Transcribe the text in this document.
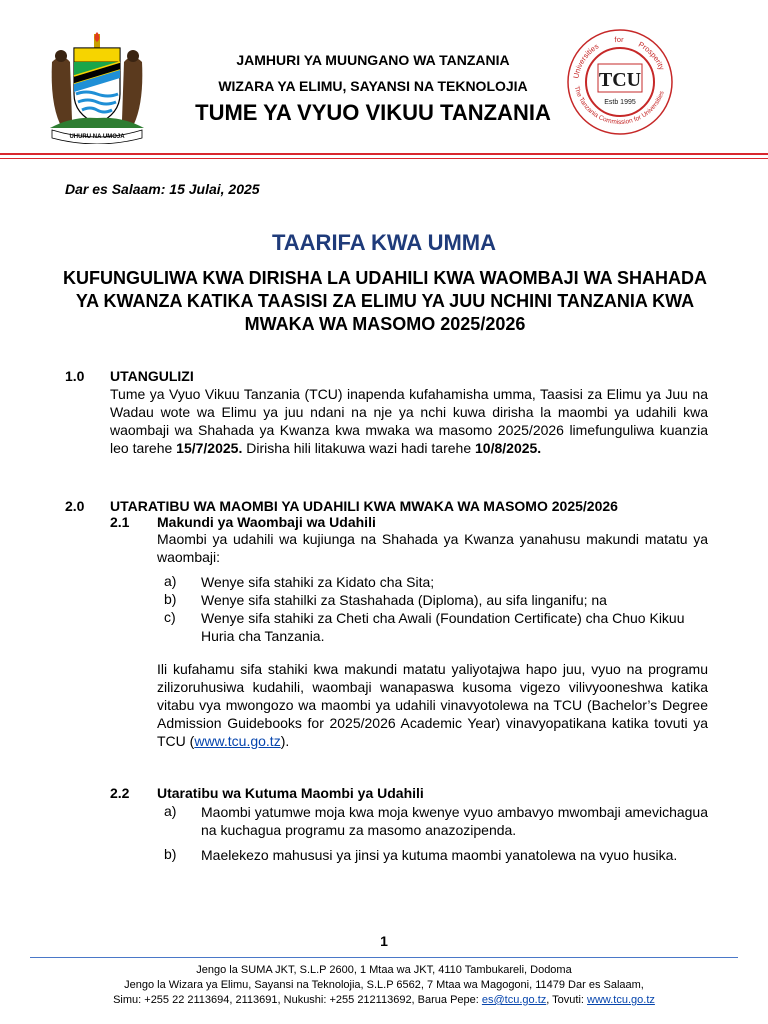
UHURU NA UMOJA
JAMHURI YA MUUNGANO WA TANZANIA
WIZARA YA ELIMU, SAYANSI NA TEKNOLOJIA
TUME YA VYUO VIKUU TANZANIA
Universities
for
Prosperity
The Tanzania Commission for Universities
TCU
Estb 1995
Dar es Salaam: 15 Julai, 2025
TAARIFA KWA UMMA
KUFUNGULIWA KWA DIRISHA LA UDAHILI KWA WAOMBAJI WA SHAHADA YA KWANZA KATIKA TAASISI ZA ELIMU YA JUU NCHINI TANZANIA KWA MWAKA WA MASOMO 2025/2026
1.0 UTANGULIZI
Tume ya Vyuo Vikuu Tanzania (TCU) inapenda kufahamisha umma, Taasisi za Elimu ya Juu na Wadau wote wa Elimu ya juu ndani na nje ya nchi kuwa dirisha la maombi ya udahili kwa waombaji wa Shahada ya Kwanza kwa mwaka wa masomo 2025/2026 limefunguliwa kuanzia leo tarehe 15/7/2025. Dirisha hili litakuwa wazi hadi tarehe 10/8/2025.
2.0 UTARATIBU WA MAOMBI YA UDAHILI KWA MWAKA WA MASOMO 2025/2026
2.1 Makundi ya Waombaji wa Udahili
Maombi ya udahili wa kujiunga na Shahada ya Kwanza yanahusu makundi matatu ya waombaji:
a) Wenye sifa stahiki za Kidato cha Sita;
b) Wenye sifa stahilki za Stashahada (Diploma), au sifa linganifu; na
c) Wenye sifa stahiki za Cheti cha Awali (Foundation Certificate) cha Chuo Kikuu Huria cha Tanzania.
Ili kufahamu sifa stahiki kwa makundi matatu yaliyotajwa hapo juu, vyuo na programu zilizoruhusiwa kudahili, waombaji wanapaswa kusoma vigezo vilivyooneshwa katika vitabu vya mwongozo wa maombi ya udahili vinavyotolewa na TCU (Bachelor’s Degree Admission Guidebooks for 2025/2026 Academic Year) vinavyopatikana katika tovuti ya TCU (www.tcu.go.tz).
2.2 Utaratibu wa Kutuma Maombi ya Udahili
a) Maombi yatumwe moja kwa moja kwenye vyuo ambavyo mwombaji amevichagua na kuchagua programu za masomo anazozipenda.
b) Maelekezo mahususi ya jinsi ya kutuma maombi yanatolewa na vyuo husika.
1
Jengo la SUMA JKT, S.L.P 2600, 1 Mtaa wa JKT, 4110 Tambukareli, Dodoma
Jengo la Wizara ya Elimu, Sayansi na Teknolojia, S.L.P 6562, 7 Mtaa wa Magogoni, 11479 Dar es Salaam,
Simu: +255 22 2113694, 2113691, Nukushi: +255 212113692, Barua Pepe: es@tcu.go.tz, Tovuti: www.tcu.go.tz
